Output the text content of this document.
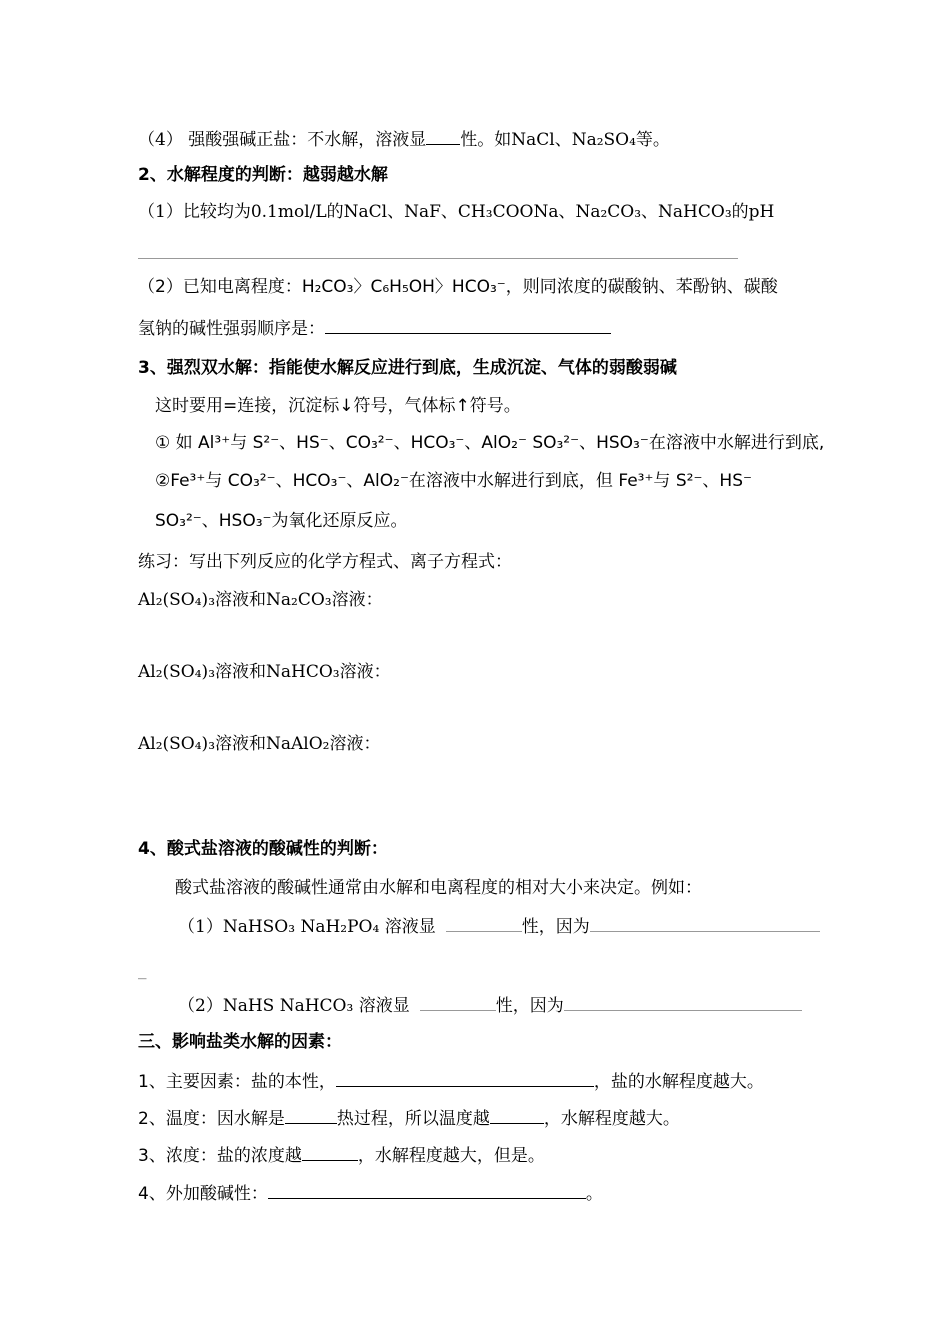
（4） 强酸强碱正盐：不水解，溶液显 性。如NaCl、Na₂SO₄等。
2、水解程度的判断：越弱越水解
（1）比较均为0.1mol/L的NaCl、NaF、CH₃COONa、Na₂CO₃、NaHCO₃的pH
（2）已知电离程度：H₂CO₃〉C₆H₅OH〉HCO₃⁻，则同浓度的碳酸钠、苯酚钠、碳酸
氢钠的碱性强弱顺序是：
3、强烈双水解：指能使水解反应进行到底，生成沉淀、气体的弱酸弱碱
这时要用=连接，沉淀标↓符号，气体标↑符号。
① 如 Al³⁺与 S²⁻、HS⁻、CO₃²⁻、HCO₃⁻、AlO₂⁻ SO₃²⁻、HSO₃⁻在溶液中水解进行到底,
②Fe³⁺与 CO₃²⁻、HCO₃⁻、AlO₂⁻在溶液中水解进行到底，但 Fe³⁺与 S²⁻、HS⁻
SO₃²⁻、HSO₃⁻为氧化还原反应。
练习：写出下列反应的化学方程式、离子方程式：
Al₂(SO₄)₃溶液和Na₂CO₃溶液：
Al₂(SO₄)₃溶液和NaHCO₃溶液：
Al₂(SO₄)₃溶液和NaAlO₂溶液：
4、酸式盐溶液的酸碱性的判断：
酸式盐溶液的酸碱性通常由水解和电离程度的相对大小来决定。例如：
（1）NaHSO₃ NaH₂PO₄ 溶液显	性，因为
_
（2）NaHS NaHCO₃ 溶液显	性，因为
三、影响盐类水解的因素：
1、主要因素：盐的本性，	，盐的水解程度越大。
2、温度：因水解是	热过程，所以温度越	，水解程度越大。
3、浓度：盐的浓度越	，水解程度越大，但是。
4、外加酸碱性：	。
